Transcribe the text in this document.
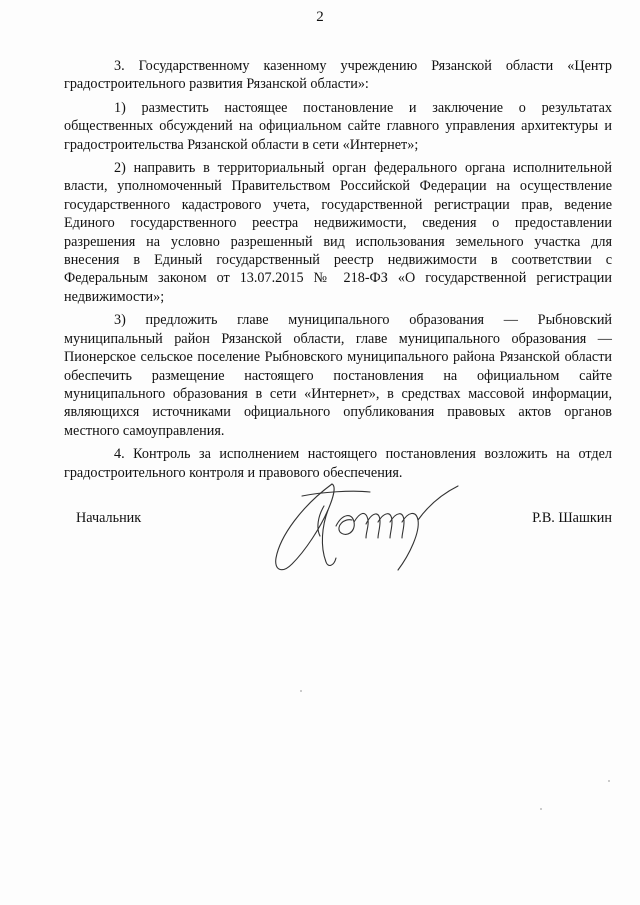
2

3. Государственному казенному учреждению Рязанской области «Центр градостроительного развития Рязанской области»:

1) разместить настоящее постановление и заключение о результатах общественных обсуждений на официальном сайте главного управления архитектуры и градостроительства Рязанской области в сети «Интернет»;

2) направить в территориальный орган федерального органа исполнительной власти, уполномоченный Правительством Российской Федерации на осуществление государственного кадастрового учета, государственной регистрации прав, ведение Единого государственного реестра недвижимости, сведения о предоставлении разрешения на условно разрешенный вид использования земельного участка для внесения в Единый государственный реестр недвижимости в соответствии с Федеральным законом от 13.07.2015 № 218-ФЗ «О государственной регистрации недвижимости»;

3) предложить главе муниципального образования — Рыбновский муниципальный район Рязанской области, главе муниципального образования — Пионерское сельское поселение Рыбновского муниципального района Рязанской области обеспечить размещение настоящего постановления на официальном сайте муниципального образования в сети «Интернет», в средствах массовой информации, являющихся источниками официального опубликования правовых актов органов местного самоуправления.

4. Контроль за исполнением настоящего постановления возложить на отдел градостроительного контроля и правового обеспечения.

Начальник	Р.В. Шашкин
